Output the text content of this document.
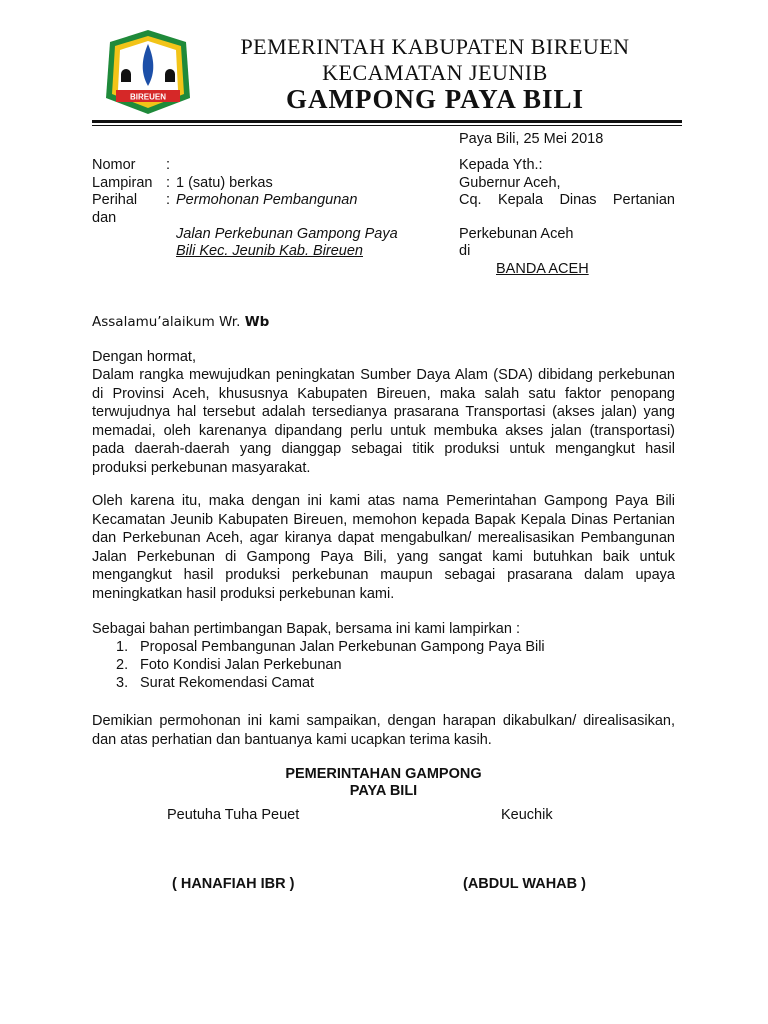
BIREUEN
PEMERINTAH KABUPATEN BIREUEN
KECAMATAN JEUNIB
GAMPONG PAYA BILI
Paya Bili, 25 Mei 2018
Nomor :
Lampiran : 1 (satu) berkas
Perihal : Permohonan Pembangunan
dan
Jalan Perkebunan Gampong Paya
Bili Kec. Jeunib Kab. Bireuen
Kepada Yth.:
Gubernur Aceh,
Cq. Kepala Dinas Pertanian
Perkebunan Aceh
di
BANDA ACEH
Assalamu’alaikum Wr. Wb
Dengan hormat,
Dalam rangka mewujudkan peningkatan Sumber Daya Alam (SDA) dibidang perkebunan di Provinsi Aceh, khususnya Kabupaten Bireuen, maka salah satu faktor penopang terwujudnya hal tersebut adalah tersedianya prasarana Transportasi (akses jalan) yang memadai, oleh karenanya dipandang perlu untuk membuka akses jalan (transportasi) pada daerah-daerah yang dianggap sebagai titik produksi untuk mengangkut hasil produksi perkebunan masyarakat.
Oleh karena itu, maka dengan ini kami atas nama Pemerintahan Gampong Paya Bili Kecamatan Jeunib Kabupaten Bireuen, memohon kepada Bapak Kepala Dinas Pertanian dan Perkebunan Aceh, agar kiranya dapat mengabulkan/ merealisasikan Pembangunan Jalan Perkebunan di Gampong Paya Bili, yang sangat kami butuhkan baik untuk mengangkut hasil produksi perkebunan maupun sebagai prasarana dalam upaya meningkatkan hasil produksi perkebunan kami.
Sebagai bahan pertimbangan Bapak, bersama ini kami lampirkan :
1. Proposal Pembangunan Jalan Perkebunan Gampong Paya Bili
2. Foto Kondisi Jalan Perkebunan
3. Surat Rekomendasi Camat
Demikian permohonan ini kami sampaikan, dengan harapan dikabulkan/ direalisasikan, dan atas perhatian dan bantuanya kami ucapkan terima kasih.
PEMERINTAHAN GAMPONG
PAYA BILI
Peutuha Tuha Peuet	Keuchik
( HANAFIAH IBR )	(ABDUL WAHAB )
